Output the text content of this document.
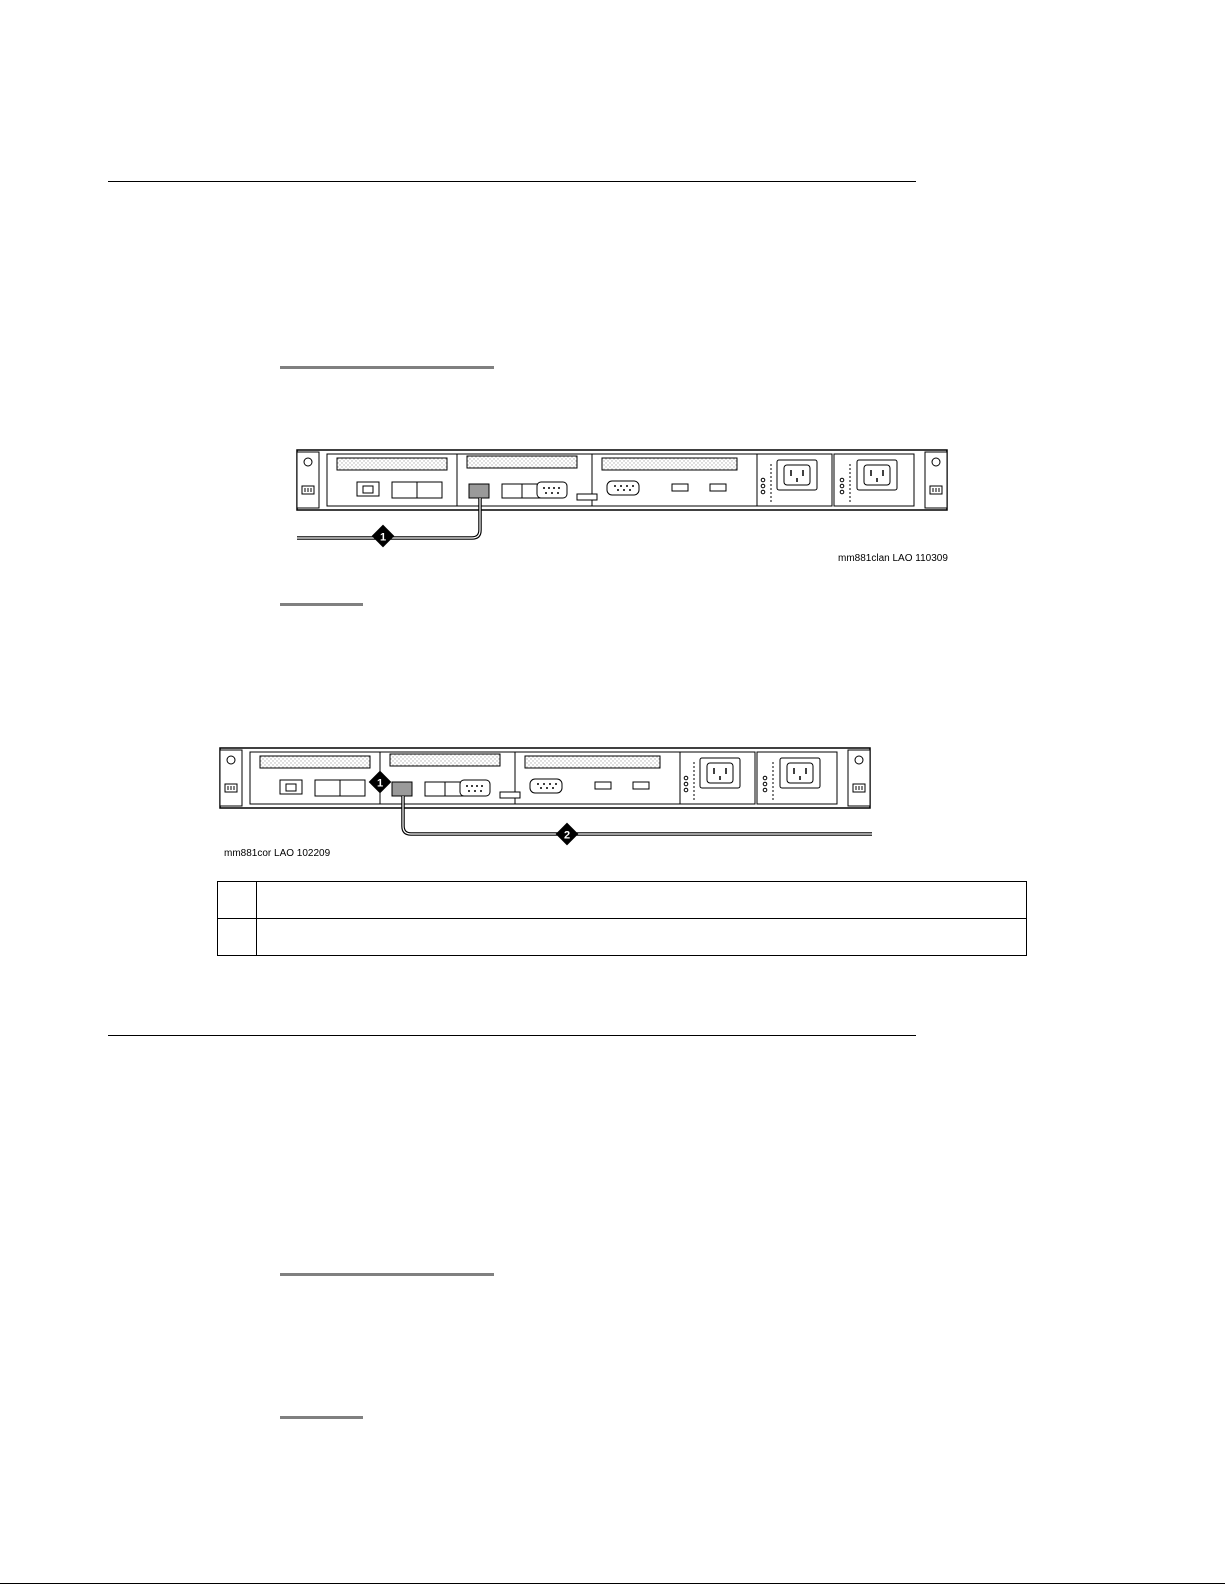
1
mm881clan LAO 110309
1
2
mm881cor LAO 102209
